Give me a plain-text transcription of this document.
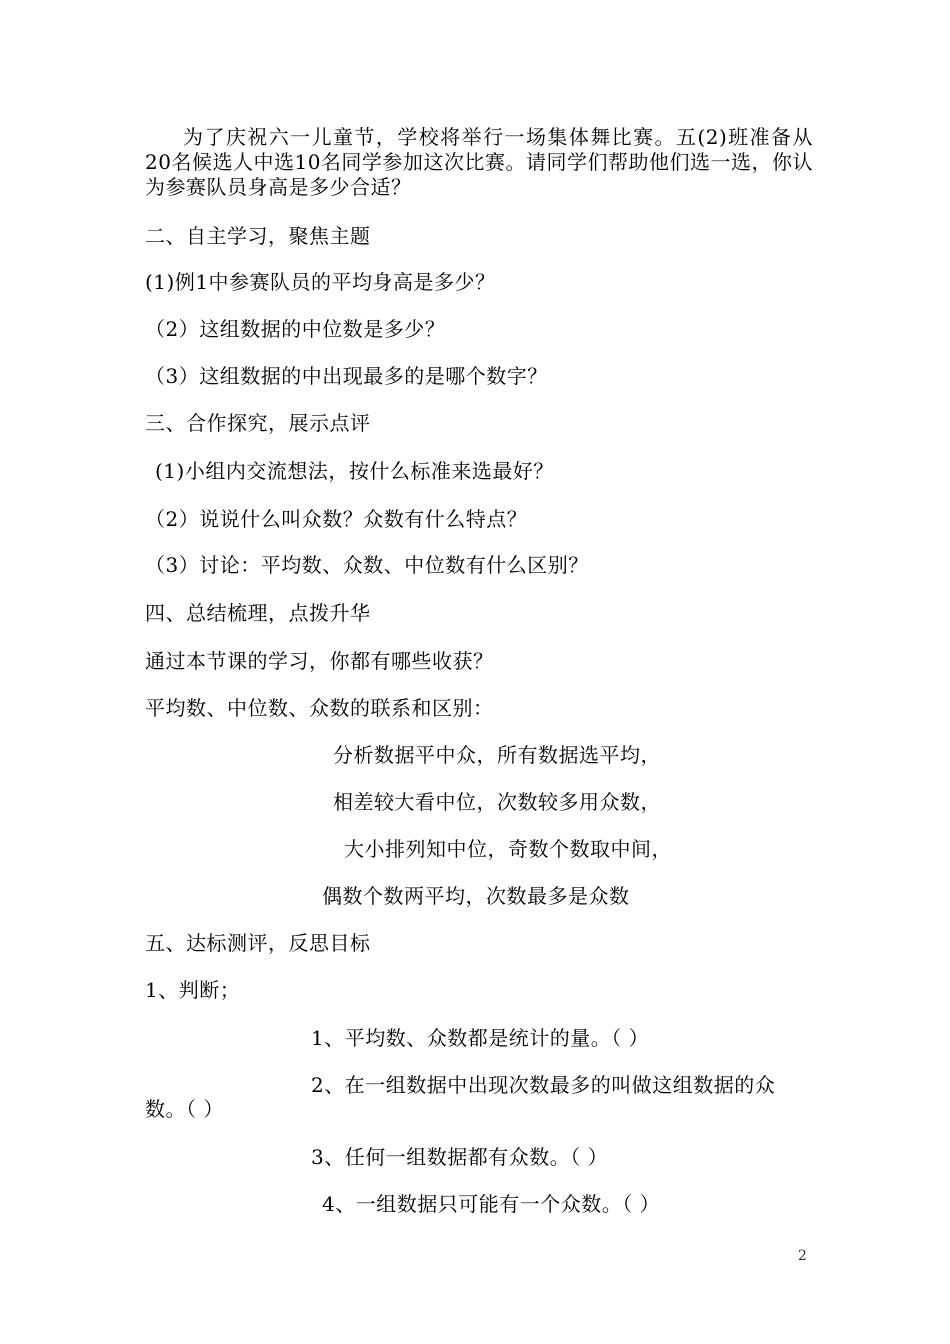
为了庆祝六一儿童节，学校将举行一场集体舞比赛。五(2)班准备从20名候选人中选10名同学参加这次比赛。请同学们帮助他们选一选，你认为参赛队员身高是多少合适？

二、自主学习，聚焦主题
(1)例1中参赛队员的平均身高是多少？
（2）这组数据的中位数是多少？
（3）这组数据的中出现最多的是哪个数字？
三、合作探究，展示点评
(1)小组内交流想法，按什么标准来选最好？
（2）说说什么叫众数？众数有什么特点？
（3）讨论：平均数、众数、中位数有什么区别？
四、总结梳理，点拨升华
通过本节课的学习，你都有哪些收获？
平均数、中位数、众数的联系和区别：
分析数据平中众，所有数据选平均，
相差较大看中位，次数较多用众数，
大小排列知中位，奇数个数取中间，
偶数个数两平均，次数最多是众数
五、达标测评，反思目标
1、判断；
1、平均数、众数都是统计的量。（ ）
2、在一组数据中出现次数最多的叫做这组数据的众
数。（ ）
3、任何一组数据都有众数。（ ）
4、一组数据只可能有一个众数。（ ）
2
